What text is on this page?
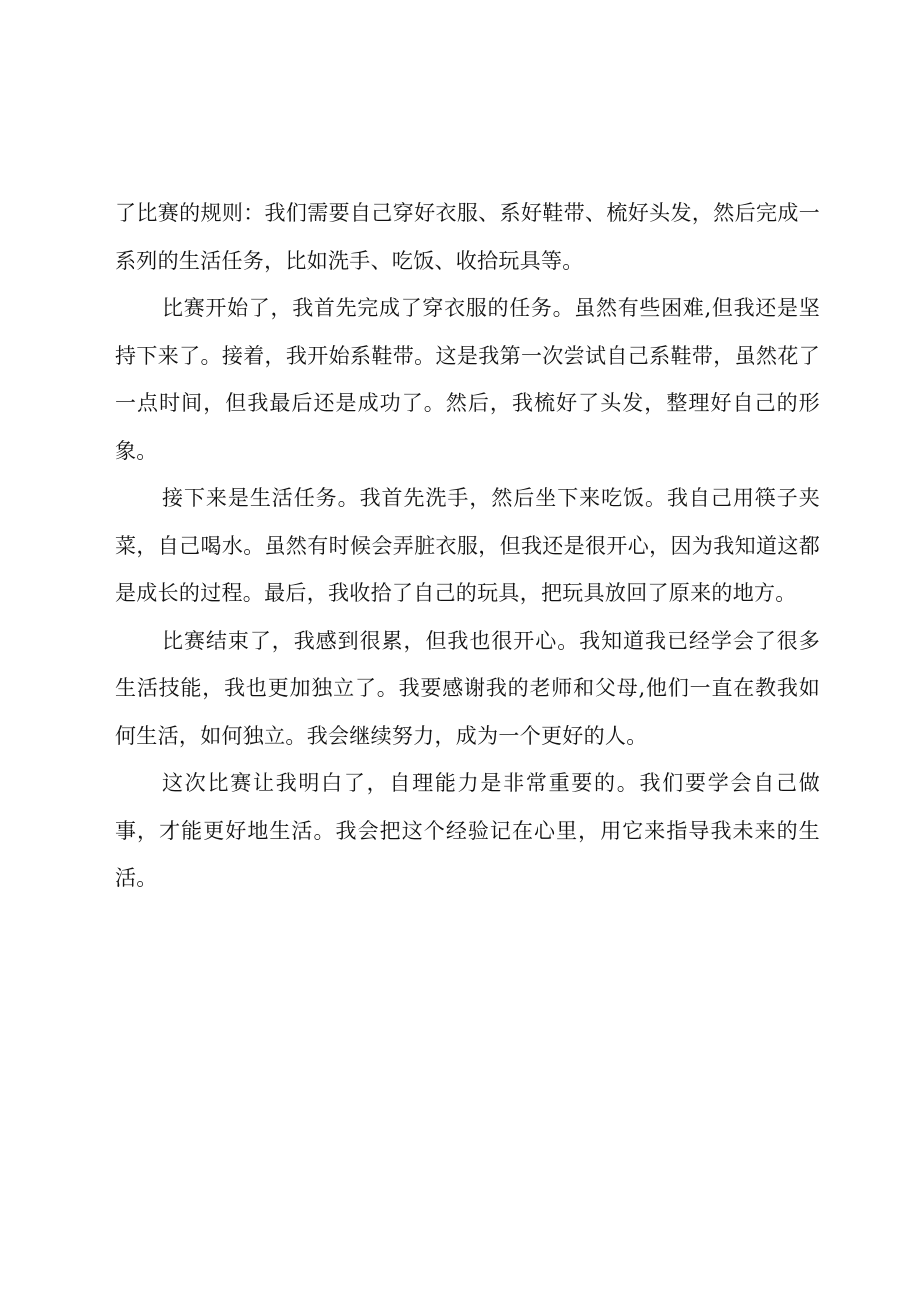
了比赛的规则：我们需要自己穿好衣服、系好鞋带、梳好头发，然后完成一系列的生活任务，比如洗手、吃饭、收拾玩具等。

比赛开始了，我首先完成了穿衣服的任务。虽然有些困难,但我还是坚持下来了。接着，我开始系鞋带。这是我第一次尝试自己系鞋带，虽然花了一点时间，但我最后还是成功了。然后，我梳好了头发，整理好自己的形象。

接下来是生活任务。我首先洗手，然后坐下来吃饭。我自己用筷子夹菜，自己喝水。虽然有时候会弄脏衣服，但我还是很开心，因为我知道这都是成长的过程。最后，我收拾了自己的玩具，把玩具放回了原来的地方。

比赛结束了，我感到很累，但我也很开心。我知道我已经学会了很多生活技能，我也更加独立了。我要感谢我的老师和父母,他们一直在教我如何生活，如何独立。我会继续努力，成为一个更好的人。

这次比赛让我明白了，自理能力是非常重要的。我们要学会自己做事，才能更好地生活。我会把这个经验记在心里，用它来指导我未来的生活。
